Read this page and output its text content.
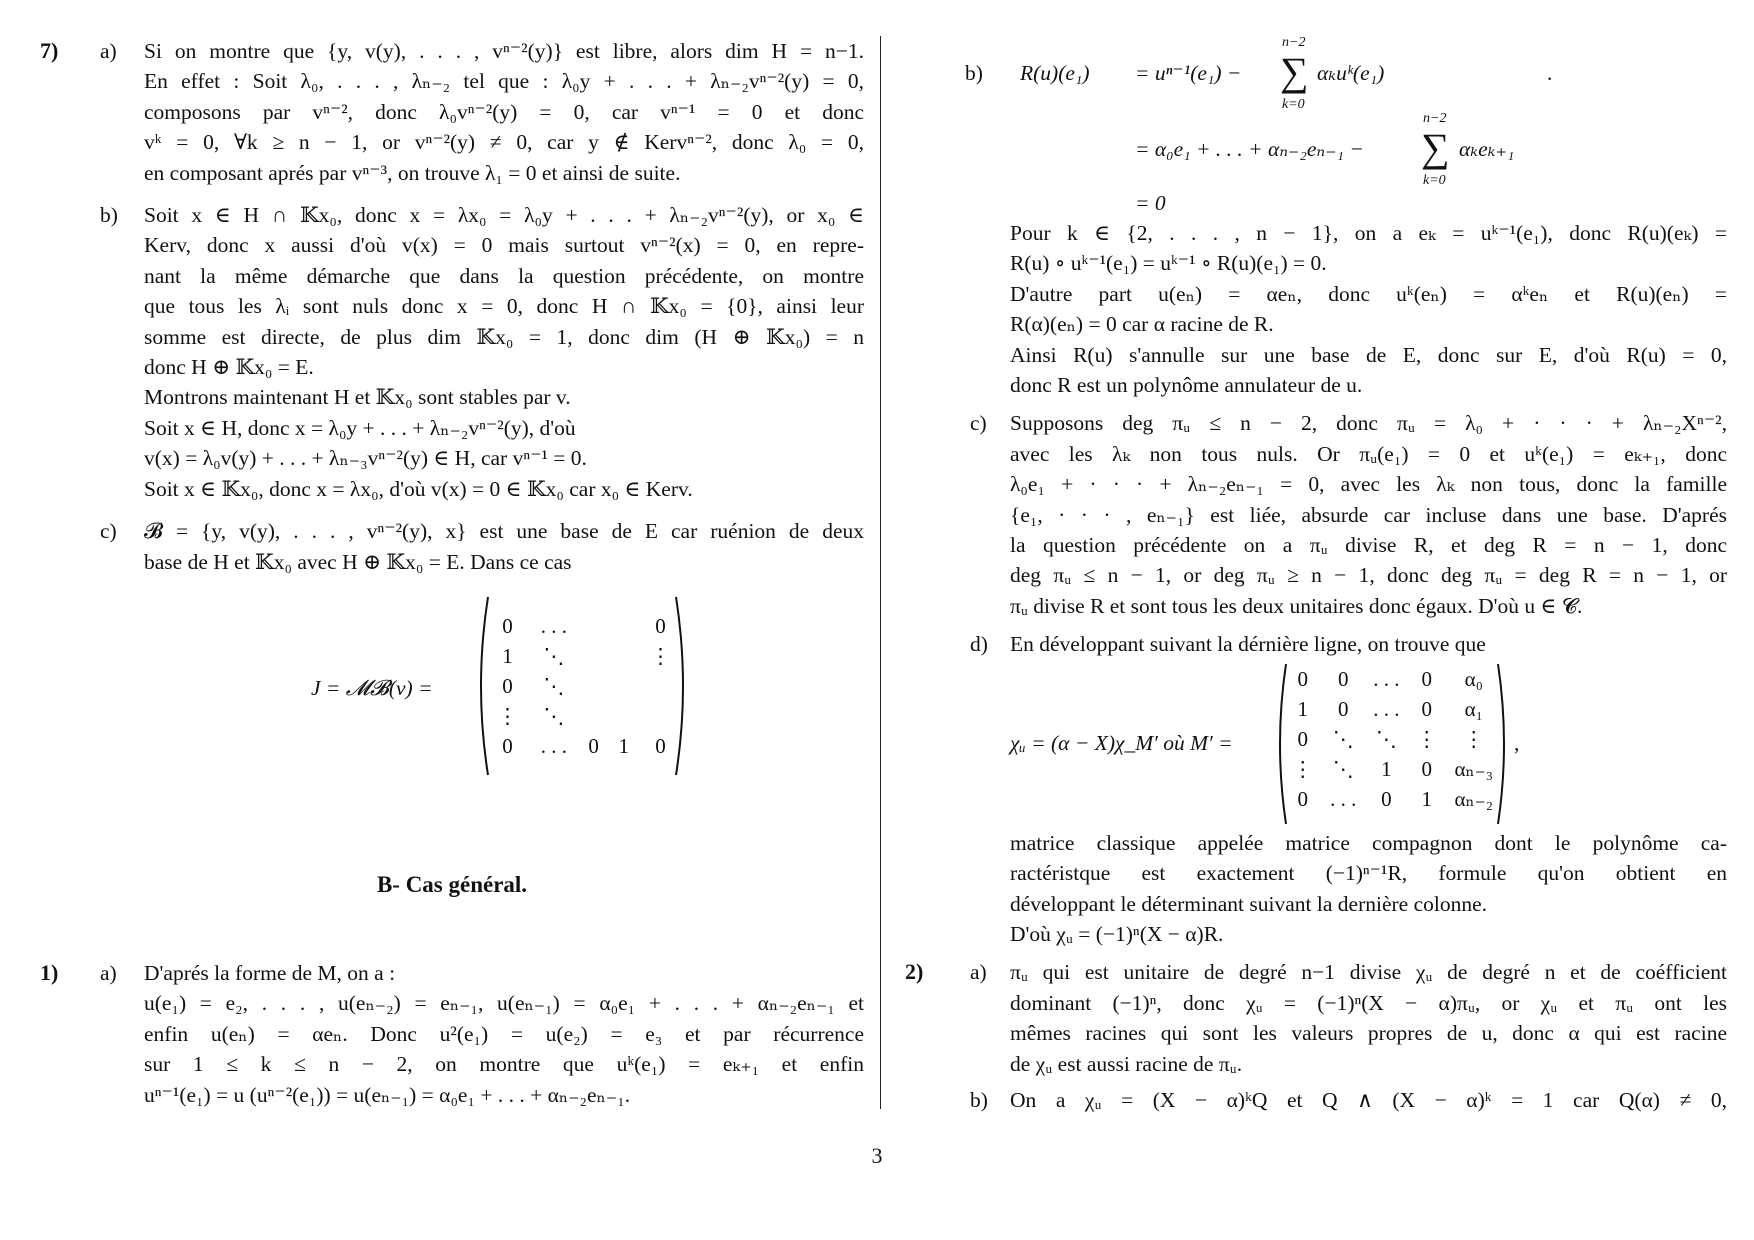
7) a) Si on montre que {y, v(y), . . . , vⁿ⁻²(y)} est libre, alors dim H = n−1.
En effet : Soit λ₀, . . . , λₙ₋₂ tel que : λ₀y + . . . + λₙ₋₂vⁿ⁻²(y) = 0,
composons par vⁿ⁻², donc λ₀vⁿ⁻²(y) = 0, car vⁿ⁻¹ = 0 et donc
vᵏ = 0, ∀k ≥ n − 1, or vⁿ⁻²(y) ≠ 0, car y ∉ Kervⁿ⁻², donc λ₀ = 0,
en composant aprés par vⁿ⁻³, on trouve λ₁ = 0 et ainsi de suite.
b) Soit x ∈ H ∩ 𝕂x₀, donc x = λx₀ = λ₀y + . . . + λₙ₋₂vⁿ⁻²(y), or x₀ ∈
Kerv, donc x aussi d'où v(x) = 0 mais surtout vⁿ⁻²(x) = 0, en repre-
nant la même démarche que dans la question précédente, on montre
que tous les λᵢ sont nuls donc x = 0, donc H ∩ 𝕂x₀ = {0}, ainsi leur
somme est directe, de plus dim 𝕂x₀ = 1, donc dim (H ⊕ 𝕂x₀) = n
donc H ⊕ 𝕂x₀ = E.
Montrons maintenant H et 𝕂x₀ sont stables par v.
Soit x ∈ H, donc x = λ₀y + . . . + λₙ₋₂vⁿ⁻²(y), d'où
v(x) = λ₀v(y) + . . . + λₙ₋₃vⁿ⁻²(y) ∈ H, car vⁿ⁻¹ = 0.
Soit x ∈ 𝕂x₀, donc x = λx₀, d'où v(x) = 0 ∈ 𝕂x₀ car x₀ ∈ Kerv.
c) 𝓑 = {y, v(y), . . . , vⁿ⁻²(y), x} est une base de E car ruénion de deux
base de H et 𝕂x₀ avec H ⊕ 𝕂x₀ = E. Dans ce cas
J = 𝓜𝓑(v) =
0	. . .			0
1	⋱			⋮
0	⋱			
⋮	⋱			
0	. . .	0	1	0
B- Cas général.
1) a) D'aprés la forme de M, on a :
u(e₁) = e₂, . . . , u(eₙ₋₂) = eₙ₋₁, u(eₙ₋₁) = α₀e₁ + . . . + αₙ₋₂eₙ₋₁ et
enfin u(eₙ) = αeₙ. Donc u²(e₁) = u(e₂) = e₃ et par récurrence
sur 1 ≤ k ≤ n − 2, on montre que uᵏ(e₁) = eₖ₊₁ et enfin
uⁿ⁻¹(e₁) = u (uⁿ⁻²(e₁)) = u(eₙ₋₁) = α₀e₁ + . . . + αₙ₋₂eₙ₋₁.
b) R(u)(e₁) = uⁿ⁻¹(e₁) −
n−2
∑
k=0
αₖuᵏ(e₁)	.
= α₀e₁ + . . . + αₙ₋₂eₙ₋₁ −
n−2
∑
k=0
αₖeₖ₊₁
= 0
Pour k ∈ {2, . . . , n − 1}, on a eₖ = uᵏ⁻¹(e₁), donc R(u)(eₖ) =
R(u) ∘ uᵏ⁻¹(e₁) = uᵏ⁻¹ ∘ R(u)(e₁) = 0.
D'autre part u(eₙ) = αeₙ, donc uᵏ(eₙ) = αᵏeₙ et R(u)(eₙ) =
R(α)(eₙ) = 0 car α racine de R.
Ainsi R(u) s'annulle sur une base de E, donc sur E, d'où R(u) = 0,
donc R est un polynôme annulateur de u.
c) Supposons deg πᵤ ≤ n − 2, donc πᵤ = λ₀ + · · · + λₙ₋₂Xⁿ⁻²,
avec les λₖ non tous nuls. Or πᵤ(e₁) = 0 et uᵏ(e₁) = eₖ₊₁, donc
λ₀e₁ + · · · + λₙ₋₂eₙ₋₁ = 0, avec les λₖ non tous, donc la famille
{e₁, · · · , eₙ₋₁} est liée, absurde car incluse dans une base. D'aprés
la question précédente on a πᵤ divise R, et deg R = n − 1, donc
deg πᵤ ≤ n − 1, or deg πᵤ ≥ n − 1, donc deg πᵤ = deg R = n − 1, or
πᵤ divise R et sont tous les deux unitaires donc égaux. D'où u ∈ 𝓒.
d) En développant suivant la dérnière ligne, on trouve que
χᵤ = (α − X)χ_M′ où M′ =
0	0	. . .	0	α₀
1	0	. . .	0	α₁
0	⋱	⋱	⋮	⋮
⋮	⋱	1	0	αₙ₋₃
0	. . .	0	1	αₙ₋₂
,
matrice classique appelée matrice compagnon dont le polynôme ca-
ractéristque est exactement (−1)ⁿ⁻¹R, formule qu'on obtient en
développant le déterminant suivant la dernière colonne.
D'où χᵤ = (−1)ⁿ(X − α)R.
2) a) πᵤ qui est unitaire de degré n−1 divise χᵤ de degré n et de coéfficient
dominant (−1)ⁿ, donc χᵤ = (−1)ⁿ(X − α)πᵤ, or χᵤ et πᵤ ont les
mêmes racines qui sont les valeurs propres de u, donc α qui est racine
de χᵤ est aussi racine de πᵤ.
b) On a χᵤ = (X − α)ᵏQ et Q ∧ (X − α)ᵏ = 1 car Q(α) ≠ 0,
3
